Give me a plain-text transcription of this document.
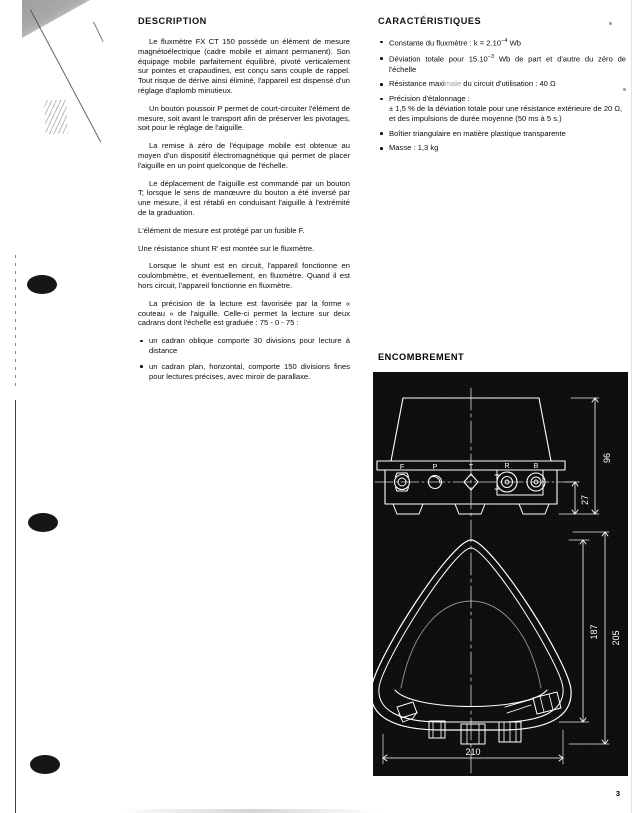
DESCRIPTION

Le fluxmètre FX CT 150 possède un élément de mesure magnétoélectrique (cadre mobile et aimant permanent). Son équipage mobile parfaitement équilibré, pivoté verticalement sur pointes et crapaudines, est conçu sans couple de rappel. Tout risque de dérive ainsi éliminé, l'appareil est dispensé d'un réglage d'aplomb minutieux.

Un bouton poussoir P permet de court-circuiter l'élément de mesure, soit avant le transport afin de préserver les pivotages, soit pour le réglage de l'aiguille.

La remise à zéro de l'équipage mobile est obtenue au moyen d'un dispositif électromagnétique qui permet de placer l'aiguille en un point quelconque de l'échelle.

Le déplacement de l'aiguille est commandé par un bouton T; lorsque le sens de manœuvre du bouton a été inversé par une mesure, il est rétabli en conduisant l'aiguille à l'extrémité de la graduation.

L'élément de mesure est protégé par un fusible F.

Une résistance shunt R' est montée sur le fluxmètre.

Lorsque le shunt est en circuit, l'appareil fonctionne en coulombmètre, et éventuellement, en fluxmètre. Quand il est hors circuit, l'appareil fonctionne en fluxmètre.

La précision de la lecture est favorisée par la forme « couteau » de l'aiguille. Celle-ci permet la lecture sur deux cadrans dont l'échelle est graduée : 75 - 0 - 75 :

un cadran oblique comporte 30 divisions pour lecture à distance
un cadran plan, horizontal, comporte 150 divisions fines pour lectures précises, avec miroir de parallaxe.
CARACTÉRISTIQUES
Constante du fluxmètre : $k = 2.10^{-4}$ Wb
Déviation totale pour $15.10^{-3}$ Wb de part et d'autre du zéro de l'échelle
Résistance maximale du circuit d'utilisation : 40 Ω
Précision d'étalonnage :
± 1,5 % de la déviation totale pour une résistance extérieure de 20 Ω, et des impulsions de durée moyenne (50 ms à 5 s.)
Boîtier triangulaire en matière plastique transparente
Masse : 1,3 kg
ENCOMBREMENT
96
27
187 205
210
F	P	T	R	B
3
